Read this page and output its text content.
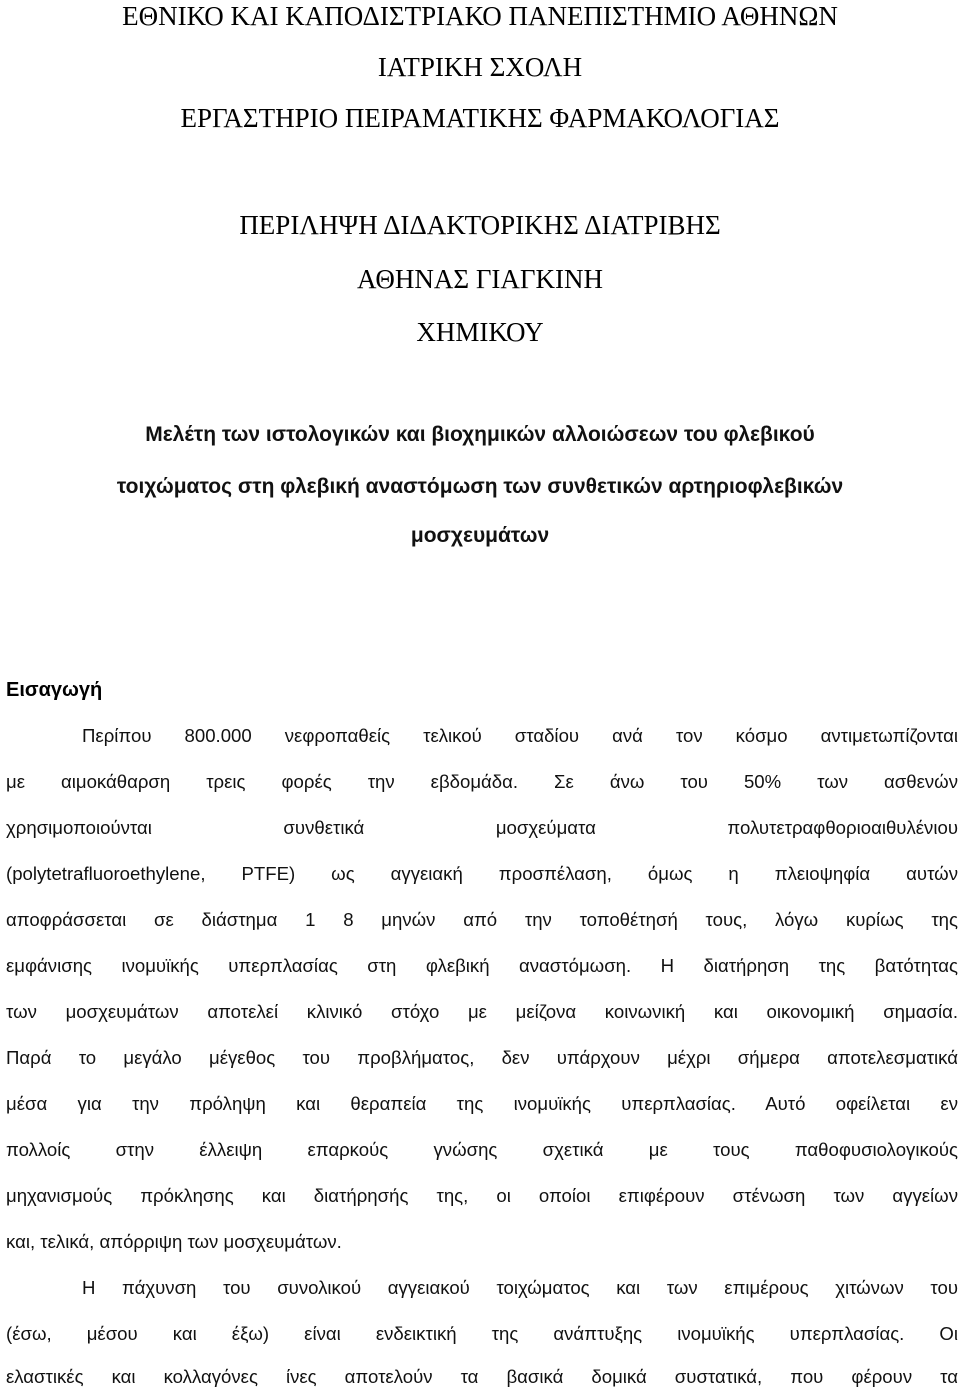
ΕΘΝΙΚΟ ΚΑΙ ΚΑΠΟΔΙΣΤΡΙΑΚΟ ΠΑΝΕΠΙΣΤΗΜΙΟ ΑΘΗΝΩΝ
ΙΑΤΡΙΚΗ ΣΧΟΛΗ
ΕΡΓΑΣΤΗΡΙΟ ΠΕΙΡΑΜΑΤΙΚΗΣ ΦΑΡΜΑΚΟΛΟΓΙΑΣ
ΠΕΡΙΛΗΨΗ ΔΙΔΑΚΤΟΡΙΚΗΣ ΔΙΑΤΡΙΒΗΣ
ΑΘΗΝΑΣ ΓΙΑΓΚΙΝΗ
ΧΗΜΙΚΟΥ
Μελέτη των ιστολογικών και βιοχημικών αλλοιώσεων του φλεβικού
τοιχώματος στη φλεβική αναστόμωση των συνθετικών αρτηριοφλεβικών
μοσχευμάτων
Εισαγωγή
Περίπου 800.000 νεφροπαθείς τελικού σταδίου ανά τον κόσμο αντιμετωπίζονται
με αιμοκάθαρση τρεις φορές την εβδομάδα. Σε άνω του 50% των ασθενών
χρησιμοποιούνται συνθετικά μοσχεύματα πολυτετραφθοριοαιθυλένιου
(polytetrafluoroethylene, PTFE) ως αγγειακή προσπέλαση, όμως η πλειοψηφία αυτών
αποφράσσεται σε διάστημα 1 8 μηνών από την τοποθέτησή τους, λόγω κυρίως της
εμφάνισης ινομυϊκής υπερπλασίας στη φλεβική αναστόμωση. Η διατήρηση της βατότητας
των μοσχευμάτων αποτελεί κλινικό στόχο με μείζονα κοινωνική και οικονομική σημασία.
Παρά το μεγάλο μέγεθος του προβλήματος, δεν υπάρχουν μέχρι σήμερα αποτελεσματικά
μέσα για την πρόληψη και θεραπεία της ινομυϊκής υπερπλασίας. Αυτό οφείλεται εν
πολλοίς στην έλλειψη επαρκούς γνώσης σχετικά με τους παθοφυσιολογικούς
μηχανισμούς πρόκλησης και διατήρησής της, οι οποίοι επιφέρουν στένωση των αγγείων
και, τελικά, απόρριψη των μοσχευμάτων.
Η πάχυνση του συνολικού αγγειακού τοιχώματος και των επιμέρους χιτώνων του
(έσω, μέσου και έξω) είναι ενδεικτική της ανάπτυξης ινομυϊκής υπερπλασίας. Οι
ελαστικές και κολλαγόνες ίνες αποτελούν τα βασικά δομικά συστατικά, που φέρουν τα
